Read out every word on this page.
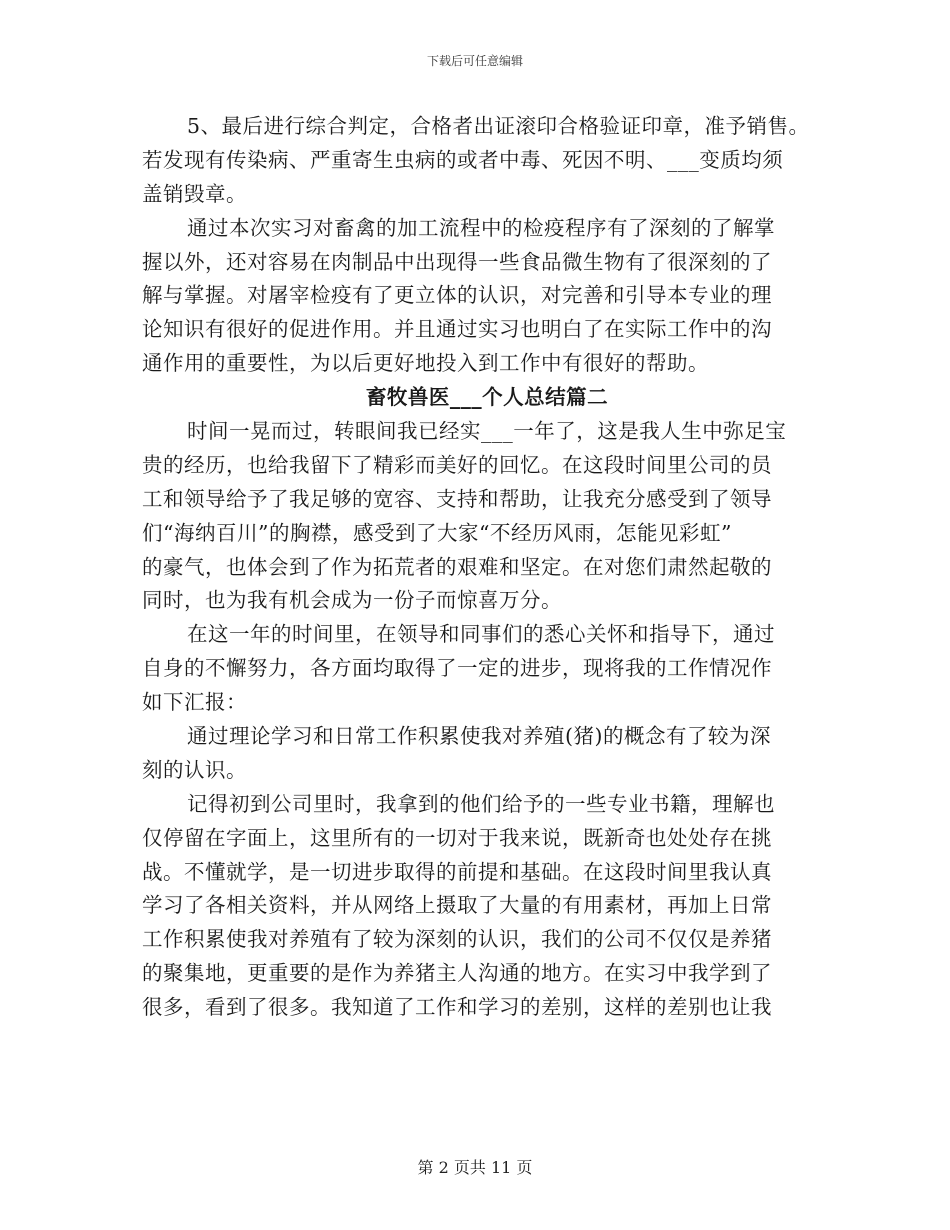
下载后可任意编辑
5、最后进行综合判定，合格者出证滚印合格验证印章，准予销售。
若发现有传染病、严重寄生虫病的或者中毒、死因不明、___变质均须
盖销毁章。
通过本次实习对畜禽的加工流程中的检疫程序有了深刻的了解掌
握以外，还对容易在肉制品中出现得一些食品微生物有了很深刻的了
解与掌握。对屠宰检疫有了更立体的认识，对完善和引导本专业的理
论知识有很好的促进作用。并且通过实习也明白了在实际工作中的沟
通作用的重要性，为以后更好地投入到工作中有很好的帮助。
畜牧兽医___个人总结篇二
时间一晃而过，转眼间我已经实___一年了，这是我人生中弥足宝
贵的经历，也给我留下了精彩而美好的回忆。在这段时间里公司的员
工和领导给予了我足够的宽容、支持和帮助，让我充分感受到了领导
们“海纳百川”的胸襟，感受到了大家“不经历风雨，怎能见彩虹”
的豪气，也体会到了作为拓荒者的艰难和坚定。在对您们肃然起敬的
同时，也为我有机会成为一份子而惊喜万分。
在这一年的时间里，在领导和同事们的悉心关怀和指导下，通过
自身的不懈努力，各方面均取得了一定的进步，现将我的工作情况作
如下汇报：
通过理论学习和日常工作积累使我对养殖(猪)的概念有了较为深
刻的认识。
记得初到公司里时，我拿到的他们给予的一些专业书籍，理解也
仅停留在字面上，这里所有的一切对于我来说，既新奇也处处存在挑
战。不懂就学，是一切进步取得的前提和基础。在这段时间里我认真
学习了各相关资料，并从网络上摄取了大量的有用素材，再加上日常
工作积累使我对养殖有了较为深刻的认识，我们的公司不仅仅是养猪
的聚集地，更重要的是作为养猪主人沟通的地方。在实习中我学到了
很多，看到了很多。我知道了工作和学习的差别，这样的差别也让我
第 2 页共 11 页
